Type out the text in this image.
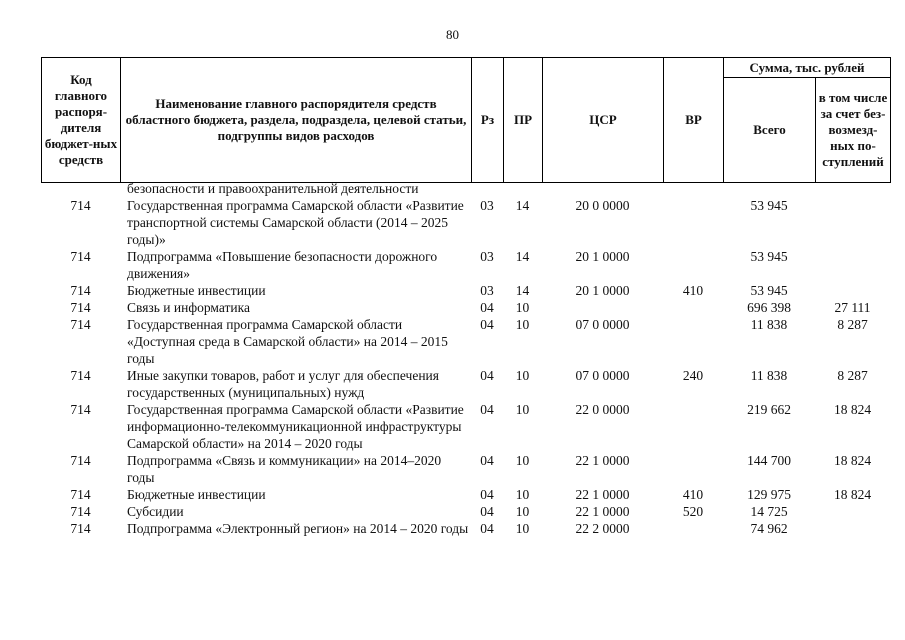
80
Код главного распоря-дителя бюджет-ных средств	Наименование главного распорядителя средств областного бюджета, раздела, подраздела, целевой статьи, подгруппы видов расходов	Рз	ПР	ЦСР	ВР	Сумма, тыс. рублей	
						Всего	в том числе за счет без-возмезд-ных по-ступлений
	безопасности и правоохранительной деятельности						
714	Государственная программа Самарской области «Развитие транспортной системы Самарской области (2014 – 2025 годы)»	03	14	20 0 0000		53 945	
714	Подпрограмма «Повышение безопасности дорожного движения»	03	14	20 1 0000		53 945	
714	Бюджетные инвестиции	03	14	20 1 0000	410	53 945	
714	Связь и информатика	04	10			696 398	27 111
714	Государственная программа Самарской области «Доступная среда в Самарской области» на 2014 – 2015 годы	04	10	07 0 0000		11 838	8 287
714	Иные закупки товаров, работ и услуг для обеспечения государственных (муниципальных) нужд	04	10	07 0 0000	240	11 838	8 287
714	Государственная программа Самарской области «Развитие информационно-телекоммуникационной инфраструктуры Самарской области» на 2014 – 2020 годы	04	10	22 0 0000		219 662	18 824
714	Подпрограмма «Связь и коммуникации» на 2014–2020 годы	04	10	22 1 0000		144 700	18 824
714	Бюджетные инвестиции	04	10	22 1 0000	410	129 975	18 824
714	Субсидии	04	10	22 1 0000	520	14 725	
714	Подпрограмма «Электронный регион» на 2014 – 2020 годы	04	10	22 2 0000		74 962	
